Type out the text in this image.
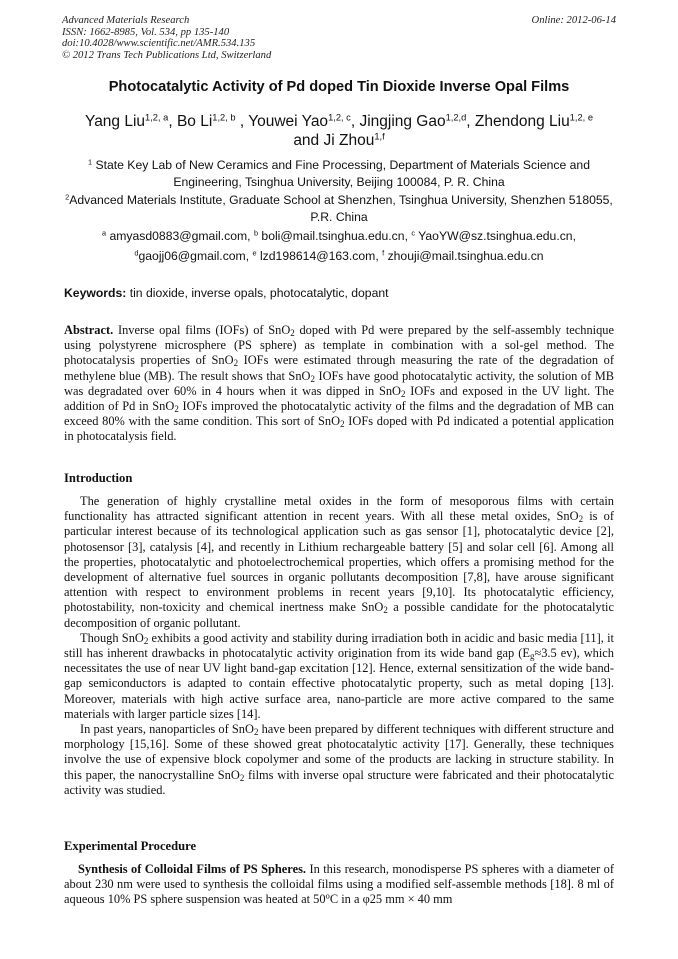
Advanced Materials Research
ISSN: 1662-8985, Vol. 534, pp 135-140
doi:10.4028/www.scientific.net/AMR.534.135
© 2012 Trans Tech Publications Ltd, Switzerland
Online: 2012-06-14
Photocatalytic Activity of Pd doped Tin Dioxide Inverse Opal Films
Yang Liu$^{1,2, a}$, Bo Li$^{1,2, b}$ , Youwei Yao$^{1,2, c}$, Jingjing Gao$^{1,2,d}$, Zhendong Liu$^{1,2, e}$
and Ji Zhou$^{1,f}$
$^1$ State Key Lab of New Ceramics and Fine Processing, Department of Materials Science and Engineering, Tsinghua University, Beijing 100084, P. R. China
$^2$Advanced Materials Institute, Graduate School at Shenzhen, Tsinghua University, Shenzhen 518055, P.R. China
$^a$ amyasd0883@gmail.com, $^b$ boli@mail.tsinghua.edu.cn, $^c$ YaoYW@sz.tsinghua.edu.cn,
$^d$gaojj06@gmail.com, $^e$ lzd198614@163.com, $^f$ zhouji@mail.tsinghua.edu.cn
Keywords: tin dioxide, inverse opals, photocatalytic, dopant
Abstract. Inverse opal films (IOFs) of SnO$_2$ doped with Pd were prepared by the self-assembly technique using polystyrene microsphere (PS sphere) as template in combination with a sol-gel method. The photocatalysis properties of SnO$_2$ IOFs were estimated through measuring the rate of the degradation of methylene blue (MB). The result shows that SnO$_2$ IOFs have good photocatalytic activity, the solution of MB was degradated over 60% in 4 hours when it was dipped in SnO$_2$ IOFs and exposed in the UV light. The addition of Pd in SnO$_2$ IOFs improved the photocatalytic activity of the films and the degradation of MB can exceed 80% with the same condition. This sort of SnO$_2$ IOFs doped with Pd indicated a potential application in photocatalysis field.
Introduction

The generation of highly crystalline metal oxides in the form of mesoporous films with certain functionality has attracted significant attention in recent years. With all these metal oxides, SnO$_2$ is of particular interest because of its technological application such as gas sensor [1], photocatalytic device [2], photosensor [3], catalysis [4], and recently in Lithium rechargeable battery [5] and solar cell [6]. Among all the properties, photocatalytic and photoelectrochemical properties, which offers a promising method for the development of alternative fuel sources in organic pollutants decomposition [7,8], have arouse significant attention with respect to environment problems in recent years [9,10]. Its photocatalytic efficiency, photostability, non-toxicity and chemical inertness make SnO$_2$ a possible candidate for the photocatalytic decomposition of organic pollutant.

Though SnO$_2$ exhibits a good activity and stability during irradiation both in acidic and basic media [11], it still has inherent drawbacks in photocatalytic activity origination from its wide band gap ($E_g\approx 3.5$ ev), which necessitates the use of near UV light band-gap excitation [12]. Hence, external sensitization of the wide band-gap semiconductors is adapted to contain effective photocatalytic property, such as metal doping [13]. Moreover, materials with high active surface area, nano-particle are more active compared to the same materials with larger particle sizes [14].

In past years, nanoparticles of SnO$_2$ have been prepared by different techniques with different structure and morphology [15,16]. Some of these showed great photocatalytic activity [17]. Generally, these techniques involve the use of expensive block copolymer and some of the products are lacking in structure stability. In this paper, the nanocrystalline SnO$_2$ films with inverse opal structure were fabricated and their photocatalytic activity was studied.

Experimental Procedure

Synthesis of Colloidal Films of PS Spheres. In this research, monodisperse PS spheres with a diameter of about 230 nm were used to synthesis the colloidal films using a modified self-assemble methods [18]. 8 ml of aqueous 10% PS sphere suspension was heated at 50$^o$C in a φ25 mm × 40 mm
